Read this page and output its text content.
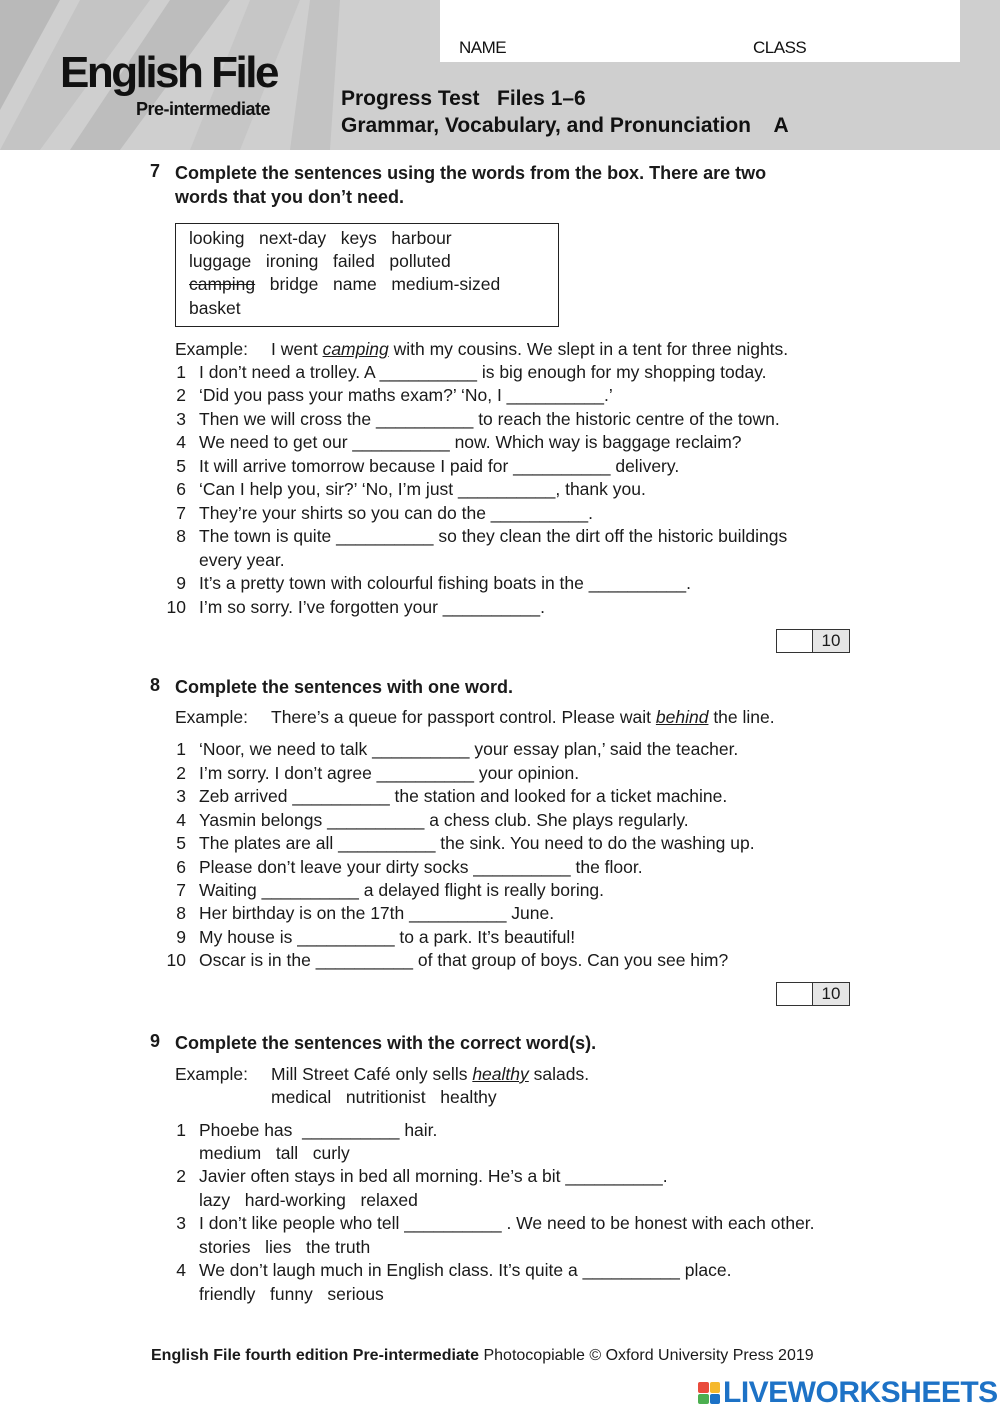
English File
Pre-intermediate
NAME	CLASS
Progress Test   Files 1–6
Grammar, Vocabulary, and Pronunciation    A
7 Complete the sentences using the words from the box. There are two
words that you don’t need.
looking   next-day   keys   harbour
luggage   ironing   failed   polluted
camping   bridge   name   medium-sized
basket
Example: I went camping with my cousins. We slept in a tent for three nights.
1 I don’t need a trolley. A __________ is big enough for my shopping today.
2 ‘Did you pass your maths exam?’ ‘No, I __________.’
3 Then we will cross the __________ to reach the historic centre of the town.
4 We need to get our __________ now. Which way is baggage reclaim?
5 It will arrive tomorrow because I paid for __________ delivery.
6 ‘Can I help you, sir?’ ‘No, I’m just __________, thank you.
7 They’re your shirts so you can do the __________.
8 The town is quite __________ so they clean the dirt off the historic buildings
every year.
9 It’s a pretty town with colourful fishing boats in the __________.
10 I’m so sorry. I’ve forgotten your __________.
10
8 Complete the sentences with one word.
Example: There’s a queue for passport control. Please wait behind the line.
1 ‘Noor, we need to talk __________ your essay plan,’ said the teacher.
2 I’m sorry. I don’t agree __________ your opinion.
3 Zeb arrived __________ the station and looked for a ticket machine.
4 Yasmin belongs __________ a chess club. She plays regularly.
5 The plates are all __________ the sink. You need to do the washing up.
6 Please don’t leave your dirty socks __________ the floor.
7 Waiting __________ a delayed flight is really boring.
8 Her birthday is on the 17th __________ June.
9 My house is __________ to a park. It’s beautiful!
10 Oscar is in the __________ of that group of boys. Can you see him?
10
9 Complete the sentences with the correct word(s).
Example: Mill Street Café only sells healthy salads.
medical   nutritionist   healthy
1 Phoebe has  __________ hair.
medium   tall   curly
2 Javier often stays in bed all morning. He’s a bit __________.
lazy   hard-working   relaxed
3 I don’t like people who tell __________ . We need to be honest with each other.
stories   lies   the truth
4 We don’t laugh much in English class. It’s quite a __________ place.
friendly   funny   serious
English File fourth edition Pre-intermediate Photocopiable © Oxford University Press 2019
LIVEWORKSHEETS
